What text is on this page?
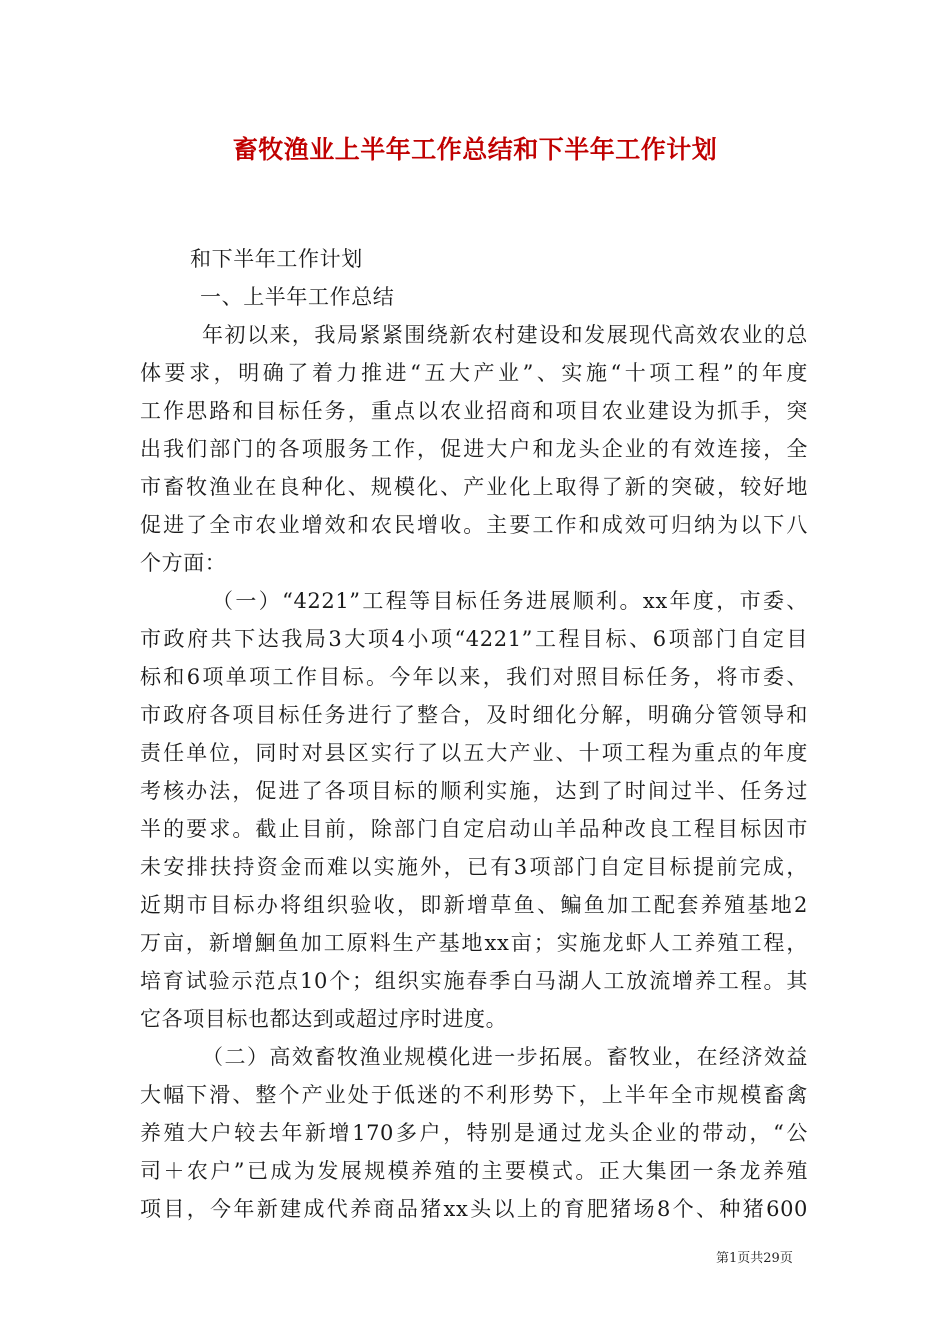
畜牧渔业上半年工作总结和下半年工作计划
和下半年工作计划
一、上半年工作总结
年初以来，我局紧紧围绕新农村建设和发展现代高效农业的总
体要求，明确了着力推进“五大产业”、实施“十项工程”的年度
工作思路和目标任务，重点以农业招商和项目农业建设为抓手，突
出我们部门的各项服务工作，促进大户和龙头企业的有效连接，全
市畜牧渔业在良种化、规模化、产业化上取得了新的突破，较好地
促进了全市农业增效和农民增收。主要工作和成效可归纳为以下八
个方面：
（一）“4221”工程等目标任务进展顺利。xx年度，市委、
市政府共下达我局3大项4小项“4221”工程目标、6项部门自定目
标和6项单项工作目标。今年以来，我们对照目标任务，将市委、
市政府各项目标任务进行了整合，及时细化分解，明确分管领导和
责任单位，同时对县区实行了以五大产业、十项工程为重点的年度
考核办法，促进了各项目标的顺利实施，达到了时间过半、任务过
半的要求。截止目前，除部门自定启动山羊品种改良工程目标因市
未安排扶持资金而难以实施外，已有3项部门自定目标提前完成，
近期市目标办将组织验收，即新增草鱼、鳊鱼加工配套养殖基地2
万亩，新增鮰鱼加工原料生产基地xx亩；实施龙虾人工养殖工程，
培育试验示范点10个；组织实施春季白马湖人工放流增养工程。其
它各项目标也都达到或超过序时进度。
（二）高效畜牧渔业规模化进一步拓展。畜牧业，在经济效益
大幅下滑、整个产业处于低迷的不利形势下，上半年全市规模畜禽
养殖大户较去年新增170多户，特别是通过龙头企业的带动，“公
司＋农户”已成为发展规模养殖的主要模式。正大集团一条龙养殖
项目，今年新建成代养商品猪xx头以上的育肥猪场8个、种猪600
第1页共29页
